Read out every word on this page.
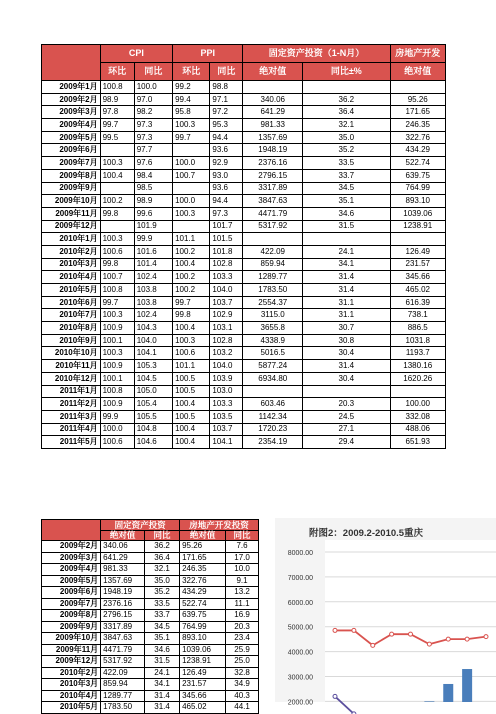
	CPI		PPI		固定资产投资（1-N月）		房地产开发
	环比	同比	环比	同比	绝对值	同比±%	绝对值
2009年1月	100.8	100.0	99.2	98.8			
2009年2月	98.9	97.0	99.4	97.1	340.06	36.2	95.26
2009年3月	97.8	98.2	95.8	97.2	641.29	36.4	171.65
2009年4月	99.7	97.3	100.3	95.3	981.33	32.1	246.35
2009年5月	99.5	97.3	99.7	94.4	1357.69	35.0	322.76
2009年6月		97.7		93.6	1948.19	35.2	434.29
2009年7月	100.3	97.6	100.0	92.9	2376.16	33.5	522.74
2009年8月	100.4	98.4	100.7	93.0	2796.15	33.7	639.75
2009年9月		98.5		93.6	3317.89	34.5	764.99
2009年10月	100.2	98.9	100.0	94.4	3847.63	35.1	893.10
2009年11月	99.8	99.6	100.3	97.3	4471.79	34.6	1039.06
2009年12月		101.9		101.7	5317.92	31.5	1238.91
2010年1月	100.3	99.9	101.1	101.5			
2010年2月	100.6	101.6	100.2	101.8	422.09	24.1	126.49
2010年3月	99.8	101.4	100.4	102.8	859.94	34.1	231.57
2010年4月	100.7	102.4	100.2	103.3	1289.77	31.4	345.66
2010年5月	100.8	103.8	100.2	104.0	1783.50	31.4	465.02
2010年6月	99.7	103.8	99.7	103.7	2554.37	31.1	616.39
2010年7月	100.3	102.4	99.8	102.9	3115.0	31.1	738.1
2010年8月	100.9	104.3	100.4	103.1	3655.8	30.7	886.5
2010年9月	100.1	104.0	100.3	102.8	4338.9	30.8	1031.8
2010年10月	100.3	104.1	100.6	103.2	5016.5	30.4	1193.7
2010年11月	100.9	105.3	101.1	104.0	5877.24	31.4	1380.16
2010年12月	100.1	104.5	100.5	103.9	6934.80	30.4	1620.26
2011年1月	100.8	105.0	100.5	103.0			
2011年2月	100.9	105.4	100.4	103.3	603.46	20.3	100.00
2011年3月	99.9	105.5	100.5	103.5	1142.34	24.5	332.08
2011年4月	100.0	104.8	100.4	103.7	1720.23	27.1	488.06
2011年5月	100.6	104.6	100.4	104.1	2354.19	29.4	651.93
	固定资产投资		房地产开发投资	
	绝对值	同比	绝对值	同比
2009年2月	340.06	36.2	95.26	7.6
2009年3月	641.29	36.4	171.65	17.0
2009年4月	981.33	32.1	246.35	10.0
2009年5月	1357.69	35.0	322.76	9.1
2009年6月	1948.19	35.2	434.29	13.2
2009年7月	2376.16	33.5	522.74	11.1
2009年8月	2796.15	33.7	639.75	16.9
2009年9月	3317.89	34.5	764.99	20.3
2009年10月	3847.63	35.1	893.10	23.4
2009年11月	4471.79	34.6	1039.06	25.9
2009年12月	5317.92	31.5	1238.91	25.0
2010年2月	422.09	24.1	126.49	32.8
2010年3月	859.94	34.1	231.57	34.9
2010年4月	1289.77	31.4	345.66	40.3
2010年5月	1783.50	31.4	465.02	44.1
附图2：2009.2-2010.5重庆
8000.00
7000.00
6000.00
5000.00
4000.00
3000.00
2000.00
